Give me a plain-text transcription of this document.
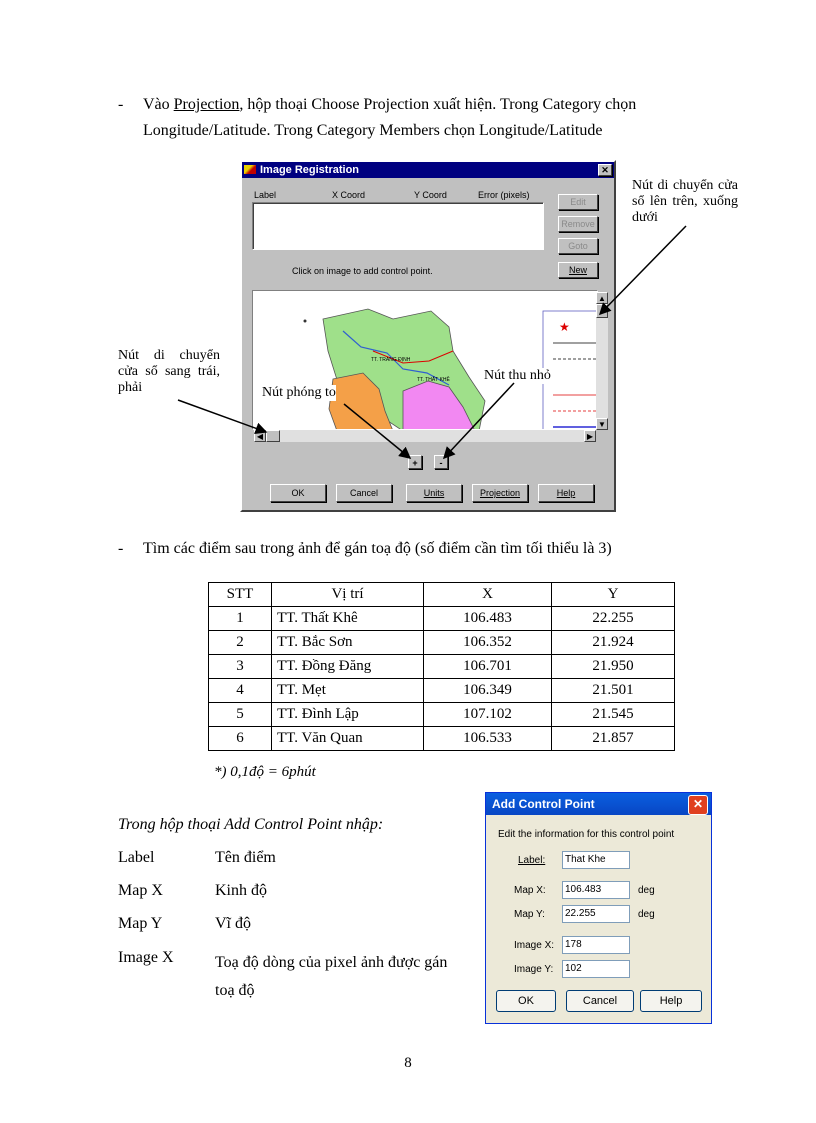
- Vào Projection, hộp thoại Choose Projection xuất hiện. Trong Category chọn
Longitude/Latitude. Trong Category Members chọn Longitude/Latitude
Image Registration	✕
Label	X Coord	Y Coord	Error (pixels)
Edit
Remove
Goto
New
Click on image to add control point.
TT. TRANG ĐỊNH
TT. THẤT KHÊ
★
▲
▼
◀	▶
+	-
OK	Cancel	Units	Projection	Help
Nút di chuyển cửa sổ lên trên, xuống dưới
Nút di chuyển cửa sổ sang trái, phải	Nút phóng to
Nút thu nhỏ
- Tìm các điểm sau trong ảnh để gán toạ độ (số điểm cần tìm tối thiểu là 3)
STT	Vị trí	X	Y
1	TT. Thất Khê	106.483	22.255
2	TT. Bắc Sơn	106.352	21.924
3	TT. Đồng Đăng	106.701	21.950
4	TT. Mẹt	106.349	21.501
5	TT. Đình Lập	107.102	21.545
6	TT. Văn Quan	106.533	21.857
*) 0,1độ = 6phút
Trong hộp thoại Add Control Point nhập:
Label	Tên điểm
Map X	Kinh độ
Map Y	Vĩ độ
Image X	Toạ độ dòng của pixel ảnh được gán toạ độ
Add Control Point	✕
Edit the information for this control point
Label:	That Khe
Map X:	106.483	deg
Map Y:	22.255	deg
Image X:	178
Image Y:	102
OK	Cancel	Help
8
